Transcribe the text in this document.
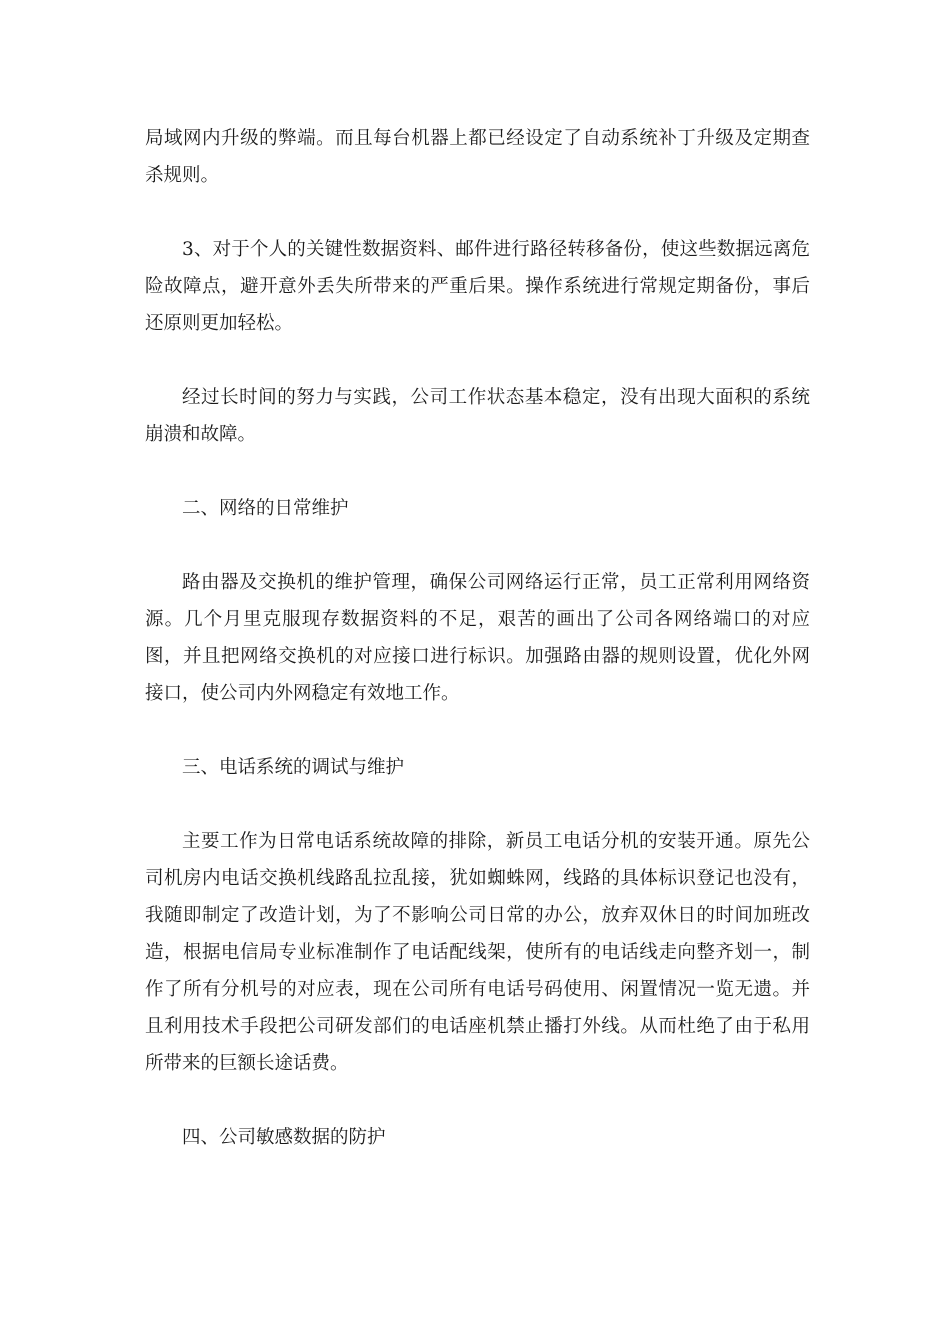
局域网内升级的弊端。而且每台机器上都已经设定了自动系统补丁升级及定期查杀规则。

3、对于个人的关键性数据资料、邮件进行路径转移备份，使这些数据远离危险故障点，避开意外丢失所带来的严重后果。操作系统进行常规定期备份，事后还原则更加轻松。

经过长时间的努力与实践，公司工作状态基本稳定，没有出现大面积的系统崩溃和故障。

二、网络的日常维护

路由器及交换机的维护管理，确保公司网络运行正常，员工正常利用网络资源。几个月里克服现存数据资料的不足，艰苦的画出了公司各网络端口的对应图，并且把网络交换机的对应接口进行标识。加强路由器的规则设置，优化外网接口，使公司内外网稳定有效地工作。

三、电话系统的调试与维护

主要工作为日常电话系统故障的排除，新员工电话分机的安装开通。原先公司机房内电话交换机线路乱拉乱接，犹如蜘蛛网，线路的具体标识登记也没有，我随即制定了改造计划，为了不影响公司日常的办公，放弃双休日的时间加班改造，根据电信局专业标准制作了电话配线架，使所有的电话线走向整齐划一，制作了所有分机号的对应表，现在公司所有电话号码使用、闲置情况一览无遗。并且利用技术手段把公司研发部们的电话座机禁止播打外线。从而杜绝了由于私用所带来的巨额长途话费。

四、公司敏感数据的防护
